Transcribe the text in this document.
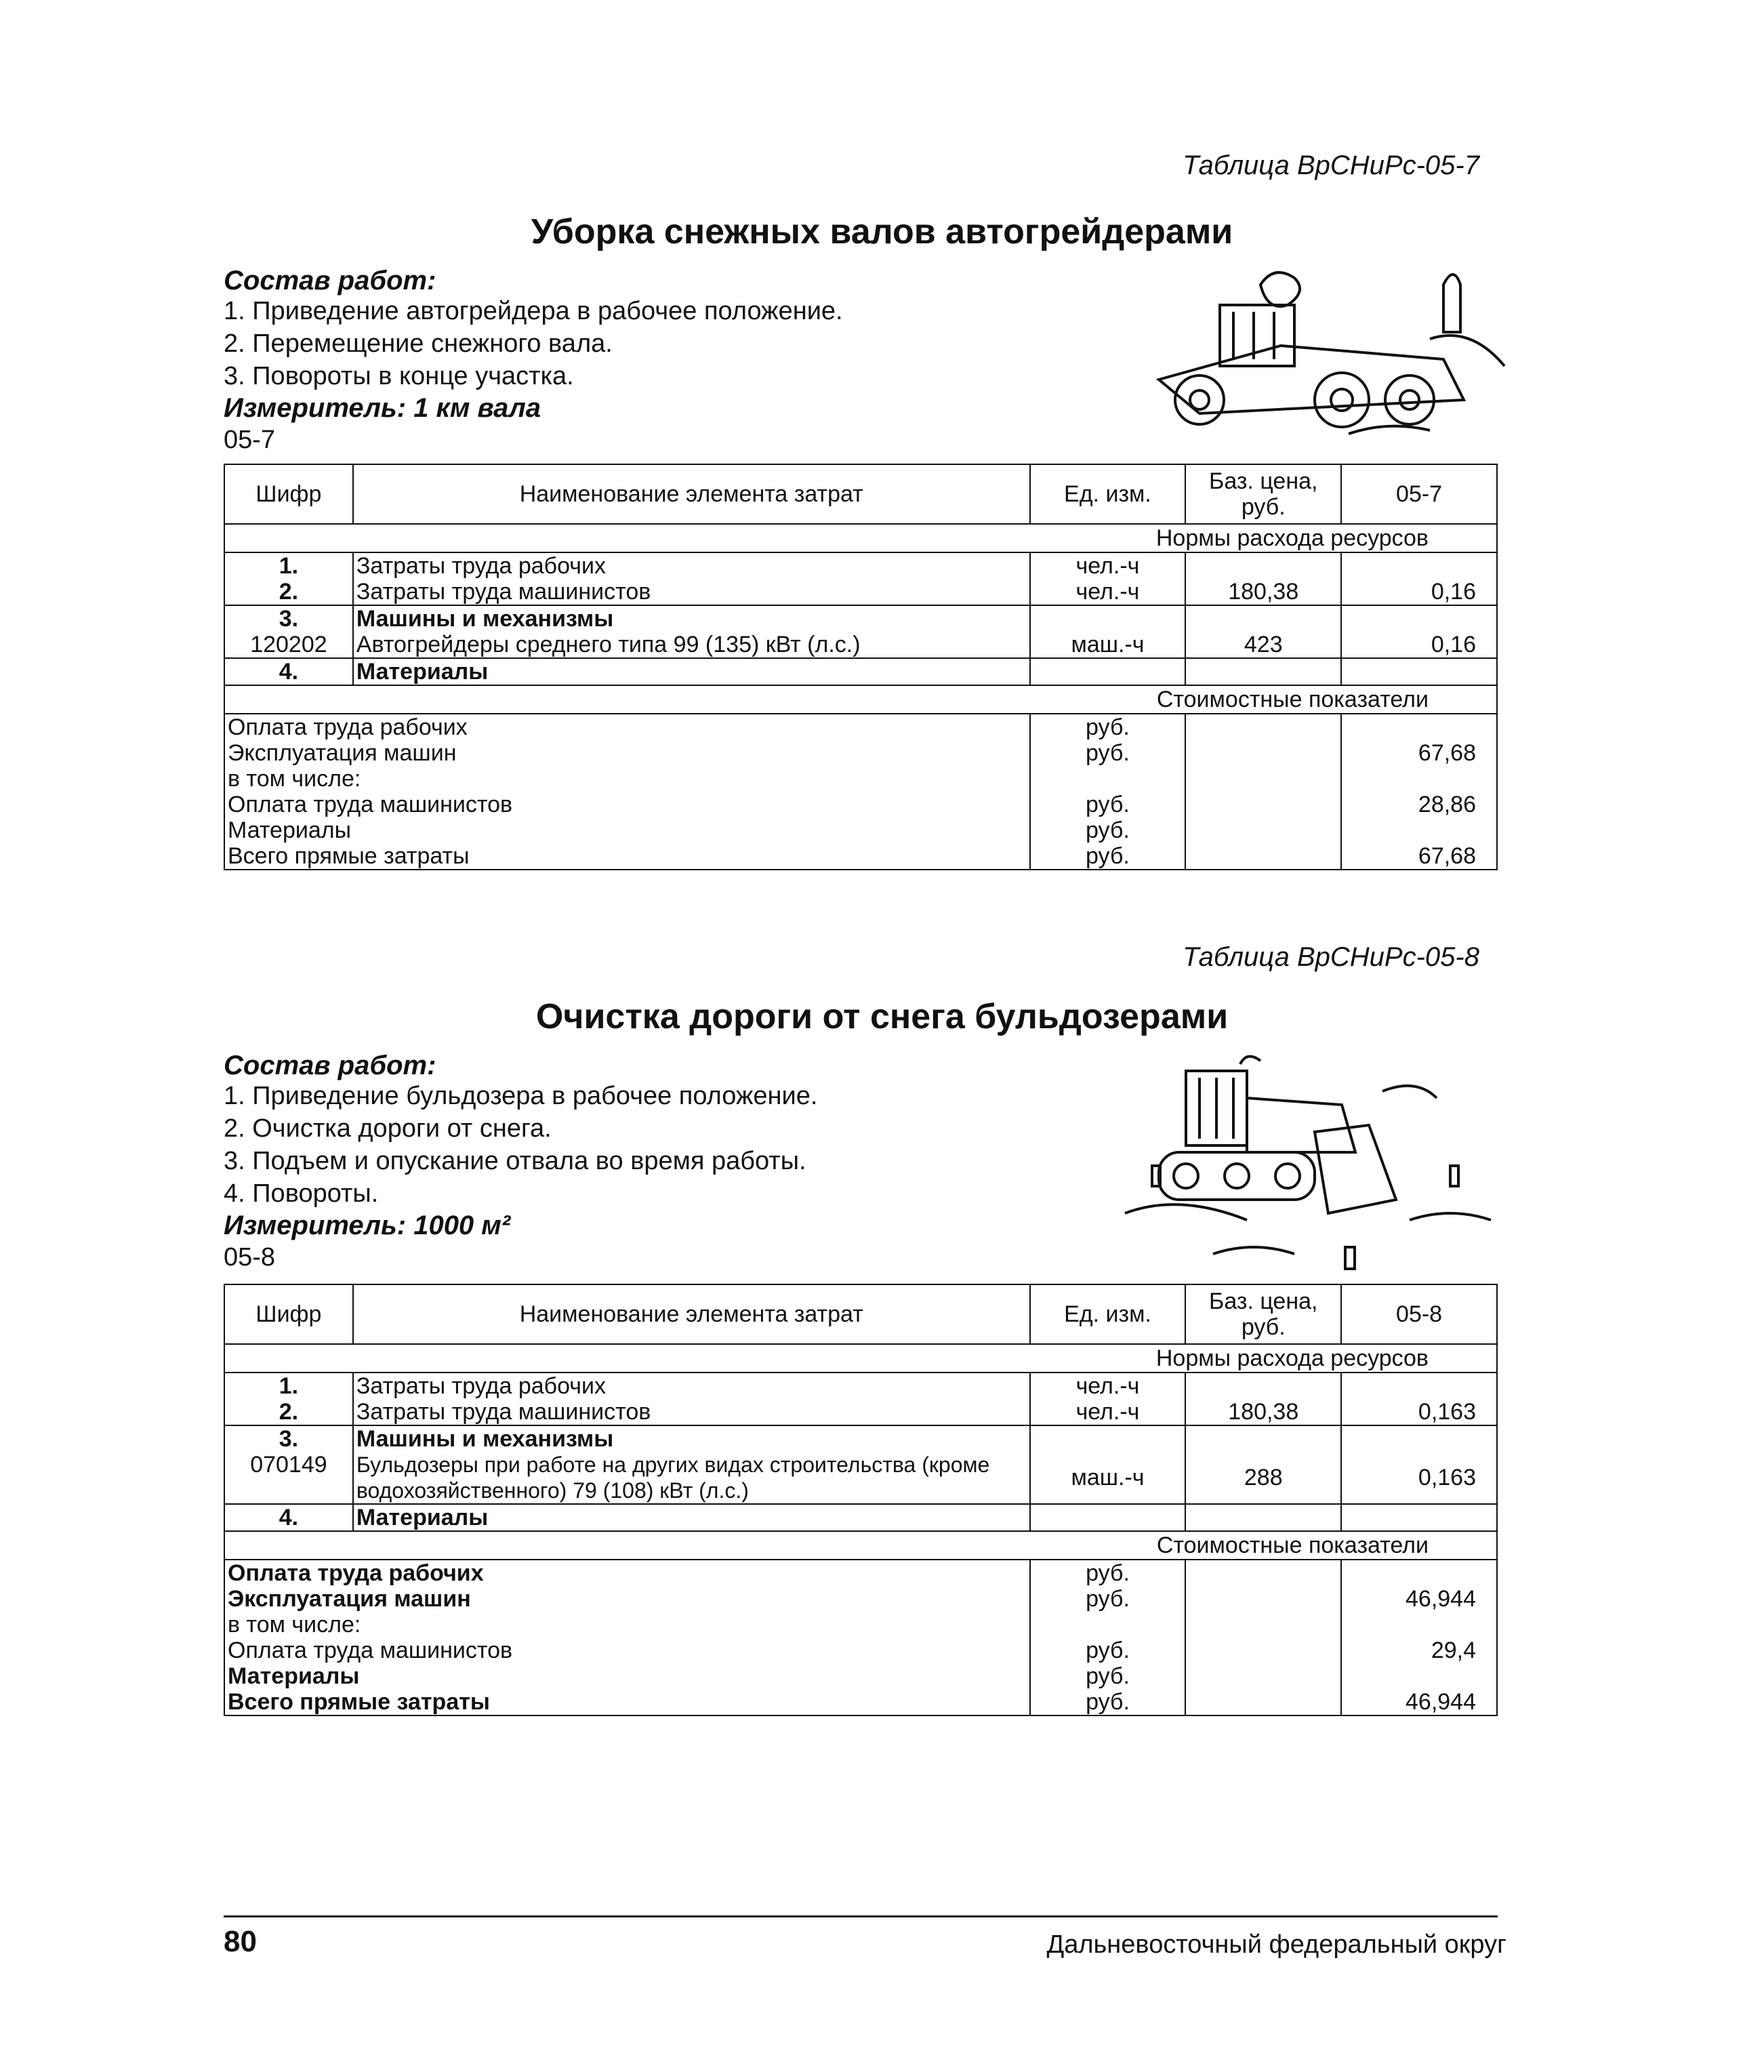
Таблица ВрСНиРс-05-7
Уборка снежных валов автогрейдерами
Состав работ:
1. Приведение автогрейдера в рабочее положение.
2. Перемещение снежного вала.
3. Повороты в конце участка.
Измеритель: 1 км вала
05-7
Шифр	Наименование элемента затрат	Ед. изм.	Баз. цена, руб.	05-7
Нормы расхода ресурсов				
1.	Затраты труда рабочих	чел.-ч		
2.	Затраты труда машинистов	чел.-ч	180,38	0,16
3.	Машины и механизмы			
120202	Автогрейдеры среднего типа 99 (135) кВт (л.с.)	маш.-ч	423	0,16
4.	Материалы			
Стоимостные показатели				
Оплата труда рабочих		руб.		
Эксплуатация машин		руб.		67,68
в том числе:				
Оплата труда машинистов		руб.		28,86
Материалы		руб.		
Всего прямые затраты		руб.		67,68
Таблица ВрСНиРс-05-8
Очистка дороги от снега бульдозерами
Состав работ:
1. Приведение бульдозера в рабочее положение.
2. Очистка дороги от снега.
3. Подъем и опускание отвала во время работы.
4. Повороты.
Измеритель: 1000 м²
05-8
Шифр	Наименование элемента затрат	Ед. изм.	Баз. цена, руб.	05-8
Нормы расхода ресурсов				
1.	Затраты труда рабочих	чел.-ч		
2.	Затраты труда машинистов	чел.-ч	180,38	0,163
3.	Машины и механизмы			
070149	Бульдозеры при работе на других видах строительства (кроме водохозяйственного) 79 (108) кВт (л.с.)	маш.-ч	288	0,163
4.	Материалы			
Стоимостные показатели				
Оплата труда рабочих		руб.		
Эксплуатация машин		руб.		46,944
в том числе:				
Оплата труда машинистов		руб.		29,4
Материалы		руб.		
Всего прямые затраты		руб.		46,944
80	Дальневосточный федеральный округ
